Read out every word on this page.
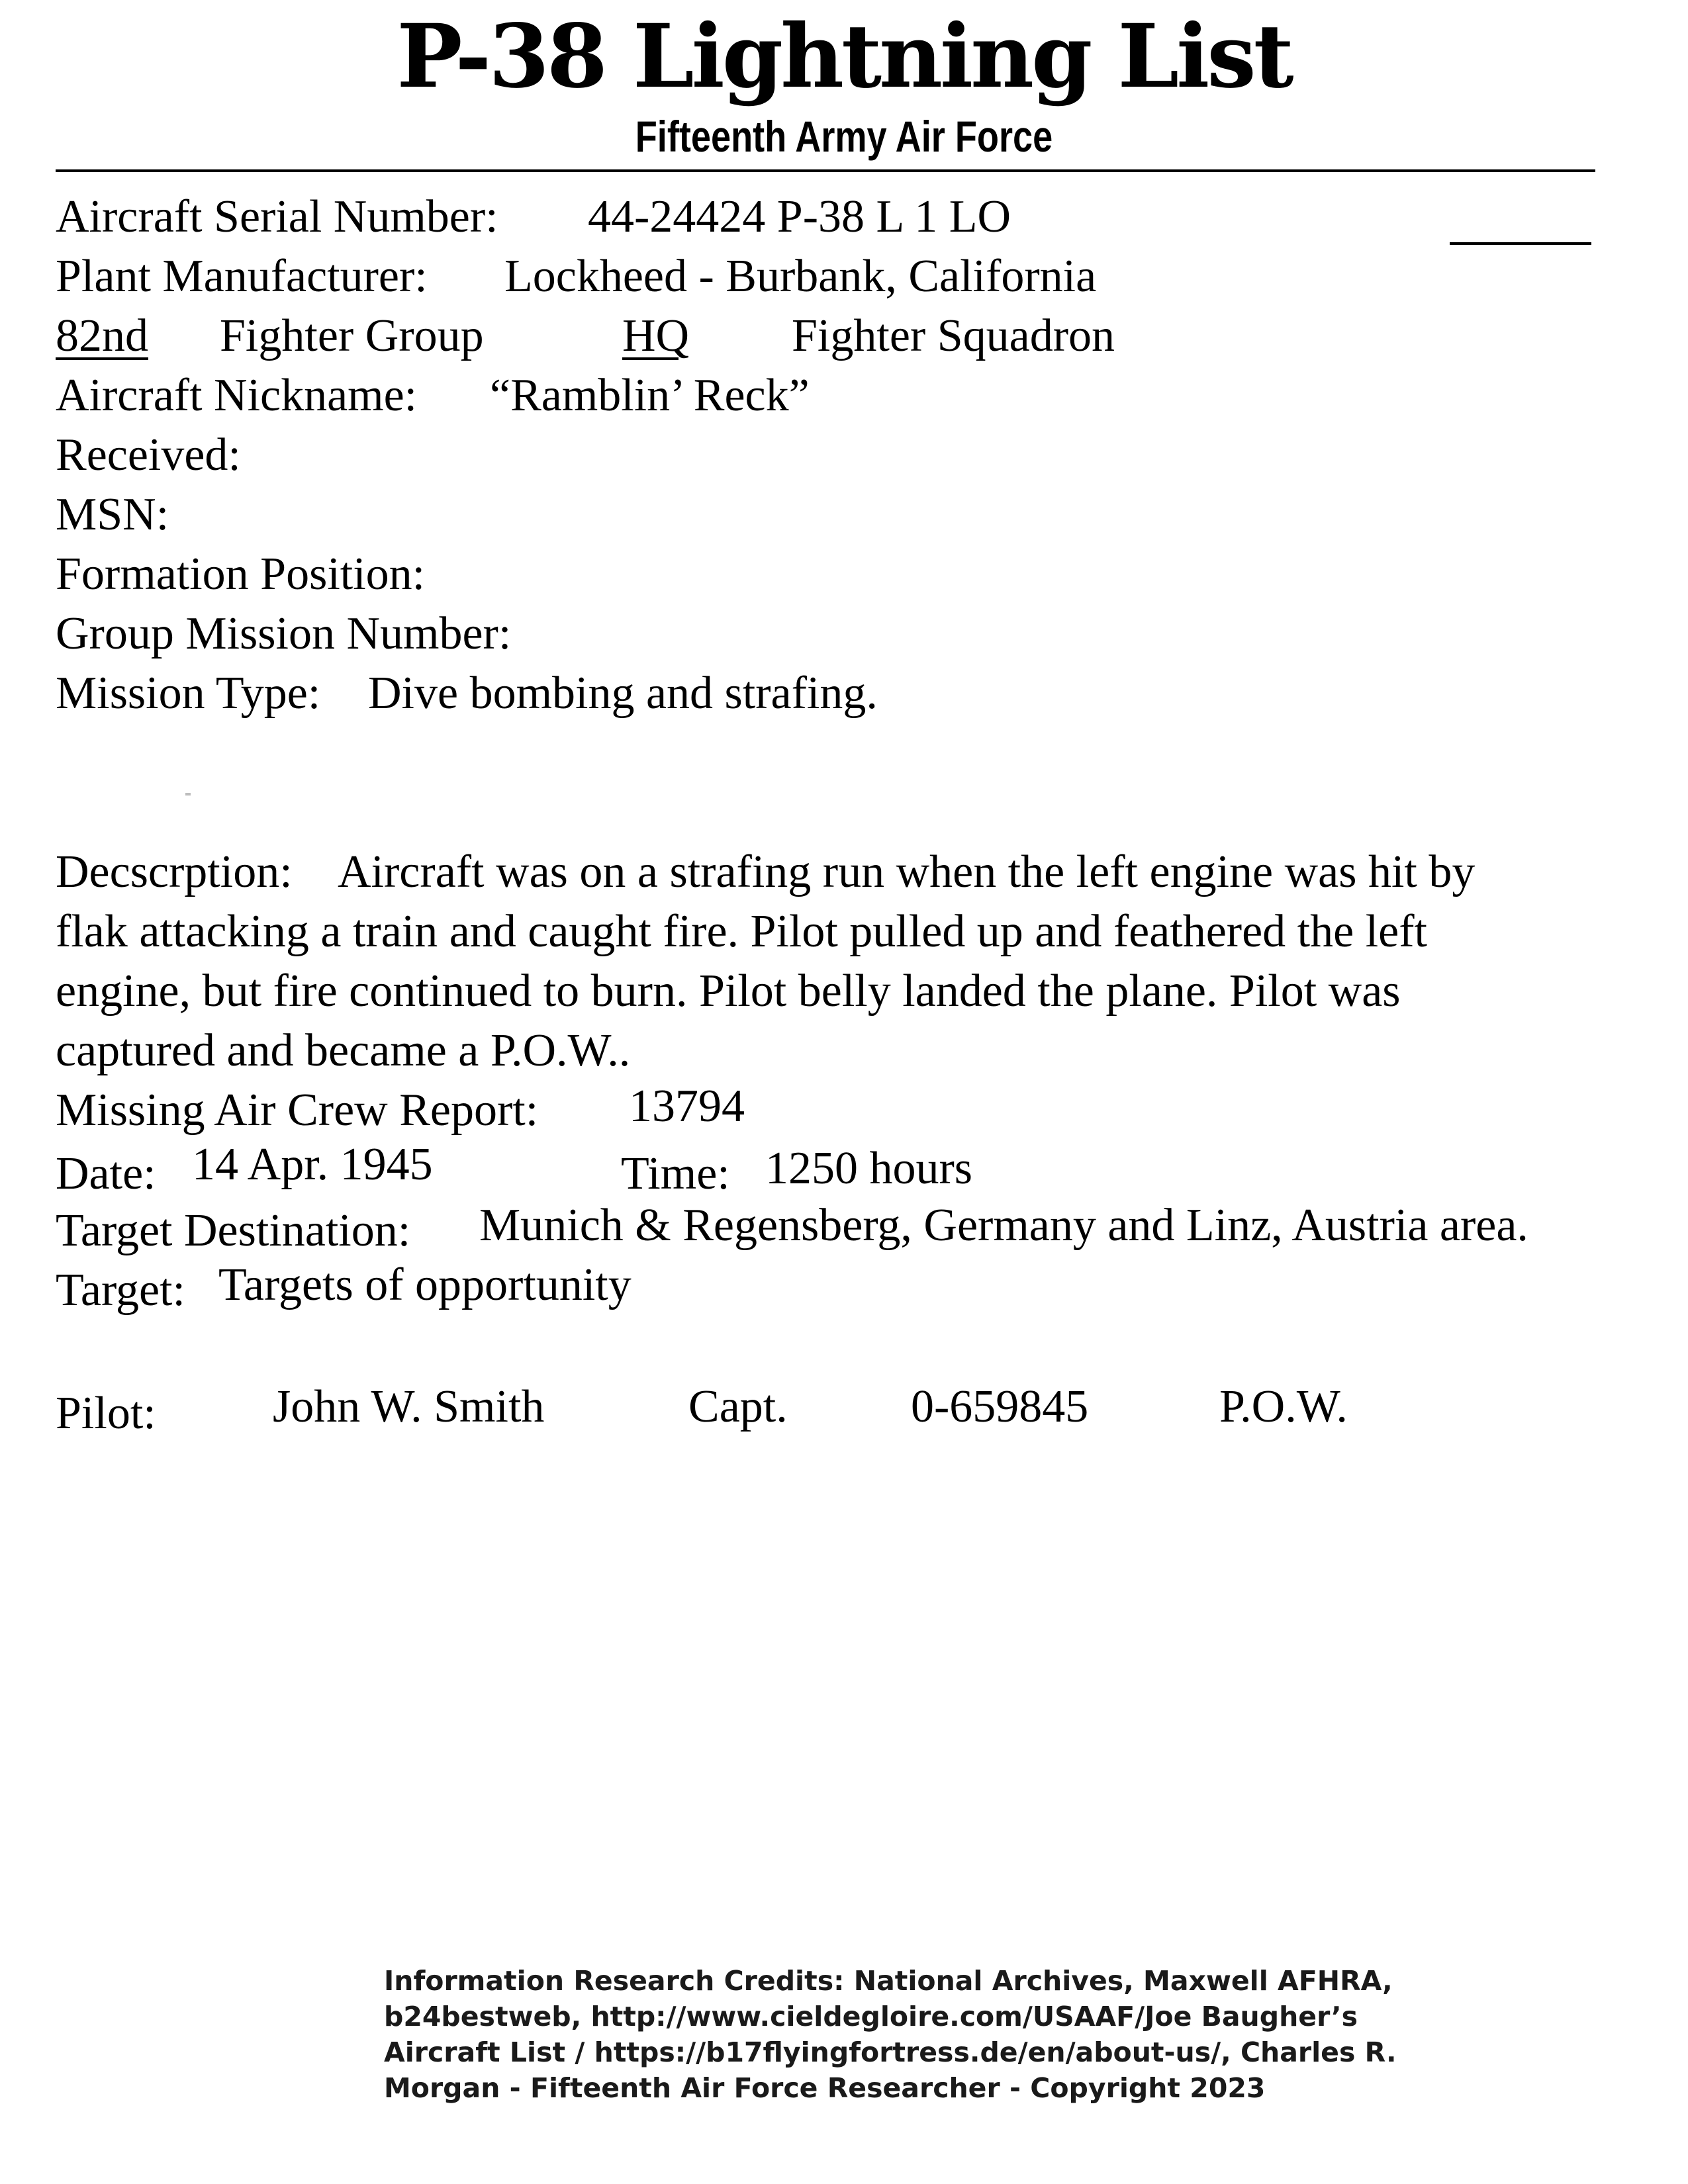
P-38 Lightning List
Fifteenth Army Air Force
Aircraft Serial Number: 44-24424 P-38 L 1 LO
Plant Manufacturer: Lockheed - Burbank, California
82nd	Fighter Group	HQ	Fighter Squadron
Aircraft Nickname: “Ramblin’ Reck”
Received:
MSN:
Formation Position:
Group Mission Number:
Mission Type: Dive bombing and strafing.
Decscrption: Aircraft was on a strafing run when the left engine was hit by
flak attacking a train and caught fire. Pilot pulled up and feathered the left
engine, but fire continued to burn. Pilot belly landed the plane. Pilot was
captured and became a P.O.W..
Missing Air Crew Report: 13794
Date: 14 Apr. 1945	Time: 1250 hours
Target Destination: Munich & Regensberg, Germany and Linz, Austria area.
Target: Targets of opportunity
Pilot:	John W. Smith	Capt.	0-659845	P.O.W.
Information Research Credits: National Archives, Maxwell AFHRA,
b24bestweb, http://www.cieldegloire.com/USAAF/Joe Baugher’s
Aircraft List / https://b17flyingfortress.de/en/about-us/, Charles R.
Morgan - Fifteenth Air Force Researcher - Copyright 2023
